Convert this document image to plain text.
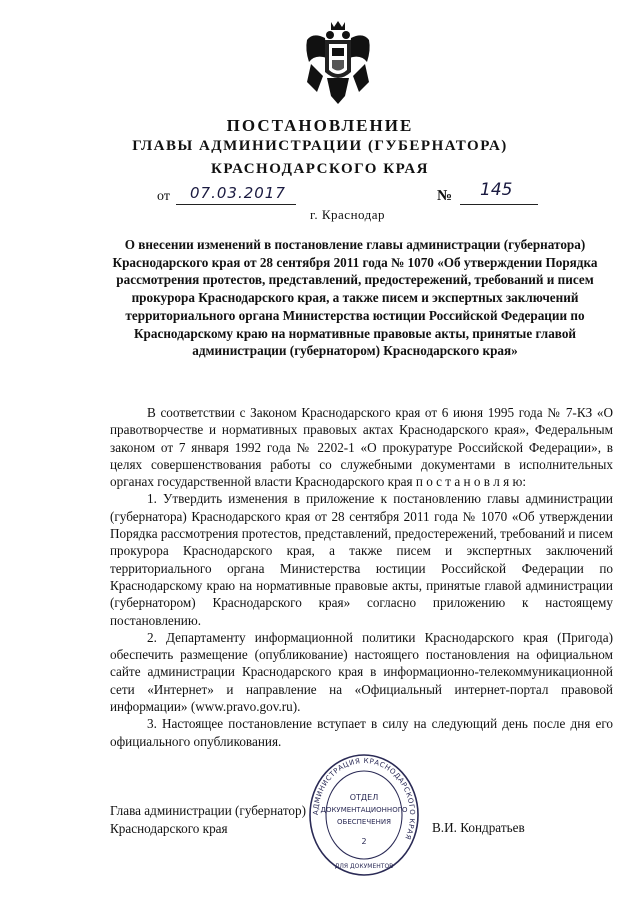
ПОСТАНОВЛЕНИЕ
ГЛАВЫ АДМИНИСТРАЦИИ (ГУБЕРНАТОРА)
КРАСНОДАРСКОГО КРАЯ
от 07.03.2017	№ 145
г. Краснодар
О внесении изменений в постановление главы администрации (губернатора) Краснодарского края от 28 сентября 2011 года № 1070 «Об утверждении Порядка рассмотрения протестов, представлений, предостережений, требований и писем прокурора Краснодарского края, а также писем и экспертных заключений территориального органа Министерства юстиции Российской Федерации по Краснодарскому краю на нормативные правовые акты, принятые главой администрации (губернатором) Краснодарского края»

В соответствии с Законом Краснодарского края от 6 июня 1995 года № 7-КЗ «О правотворчестве и нормативных правовых актах Краснодарского края», Федеральным законом от 7 января 1992 года № 2202-1 «О прокуратуре Российской Федерации», в целях совершенствования работы со служебными документами в исполнительных органах государственной власти Краснодарского края п о с т а н о в л я ю:

1. Утвердить изменения в приложение к постановлению главы администрации (губернатора) Краснодарского края от 28 сентября 2011 года № 1070 «Об утверждении Порядка рассмотрения протестов, представлений, предостережений, требований и писем прокурора Краснодарского края, а также писем и экспертных заключений территориального органа Министерства юстиции Российской Федерации по Краснодарскому краю на нормативные правовые акты, принятые главой администрации (губернатором) Краснодарского края» согласно приложению к настоящему постановлению.

2. Департаменту информационной политики Краснодарского края (Пригода) обеспечить размещение (опубликование) настоящего постановления на официальном сайте администрации Краснодарского края в информационно-телекоммуникационной сети «Интернет» и направление на «Официальный интернет-портал правовой информации» (www.pravo.gov.ru).

3. Настоящее постановление вступает в силу на следующий день после дня его официального опубликования.

Глава администрации (губернатор)
Краснодарского края	В.И. Кондратьев
АДМИНИСТРАЦИЯ КРАСНОДАРСКОГО КРАЯ
ОТДЕЛ
ДОКУМЕНТАЦИОННОГО
ОБЕСПЕЧЕНИЯ
2
ДЛЯ ДОКУМЕНТОВ
